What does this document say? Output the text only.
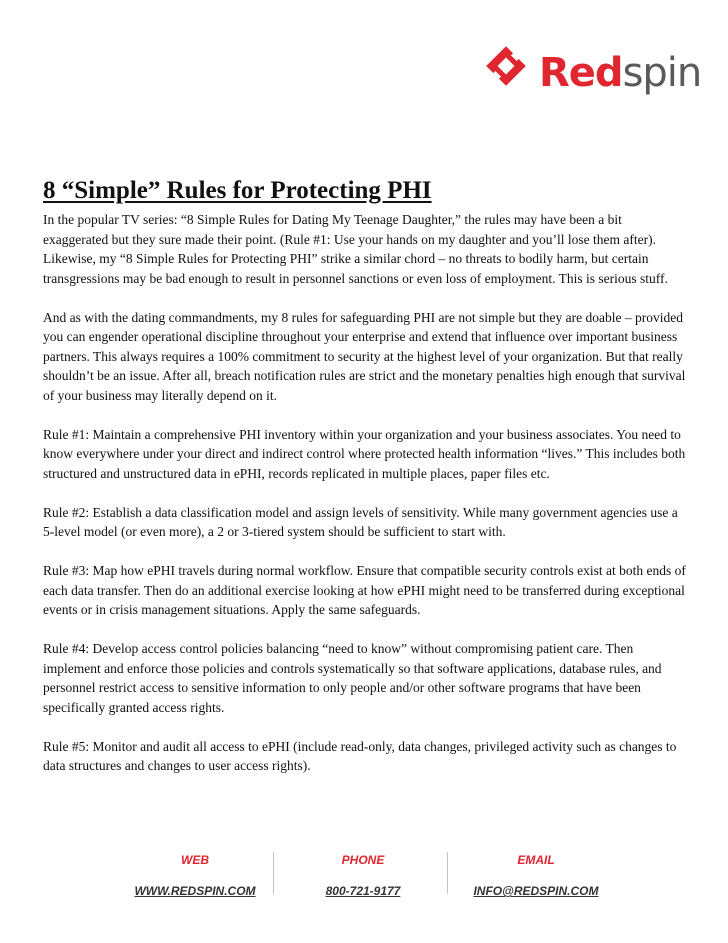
Redspin
8 “Simple” Rules for Protecting PHI

In the popular TV series: “8 Simple Rules for Dating My Teenage Daughter,” the rules may have been a bit exaggerated but they sure made their point. (Rule #1: Use your hands on my daughter and you’ll lose them after). Likewise, my “8 Simple Rules for Protecting PHI” strike a similar chord – no threats to bodily harm, but certain transgressions may be bad enough to result in personnel sanctions or even loss of employment. This is serious stuff.

And as with the dating commandments, my 8 rules for safeguarding PHI are not simple but they are doable – provided you can engender operational discipline throughout your enterprise and extend that influence over important business partners. This always requires a 100% commitment to security at the highest level of your organization. But that really shouldn’t be an issue. After all, breach notification rules are strict and the monetary penalties high enough that survival of your business may literally depend on it.

Rule #1: Maintain a comprehensive PHI inventory within your organization and your business associates. You need to know everywhere under your direct and indirect control where protected health information “lives.” This includes both structured and unstructured data in ePHI, records replicated in multiple places, paper files etc.

Rule #2: Establish a data classification model and assign levels of sensitivity. While many government agencies use a 5-level model (or even more), a 2 or 3-tiered system should be sufficient to start with.

Rule #3: Map how ePHI travels during normal workflow. Ensure that compatible security controls exist at both ends of each data transfer. Then do an additional exercise looking at how ePHI might need to be transferred during exceptional events or in crisis management situations. Apply the same safeguards.

Rule #4: Develop access control policies balancing “need to know” without compromising patient care. Then implement and enforce those policies and controls systematically so that software applications, database rules, and personnel restrict access to sensitive information to only people and/or other software programs that have been specifically granted access rights.

Rule #5: Monitor and audit all access to ePHI (include read-only, data changes, privileged activity such as changes to data structures and changes to user access rights).

WEB
WWW.REDSPIN.COM
PHONE
800-721-9177
EMAIL
INFO@REDSPIN.COM
